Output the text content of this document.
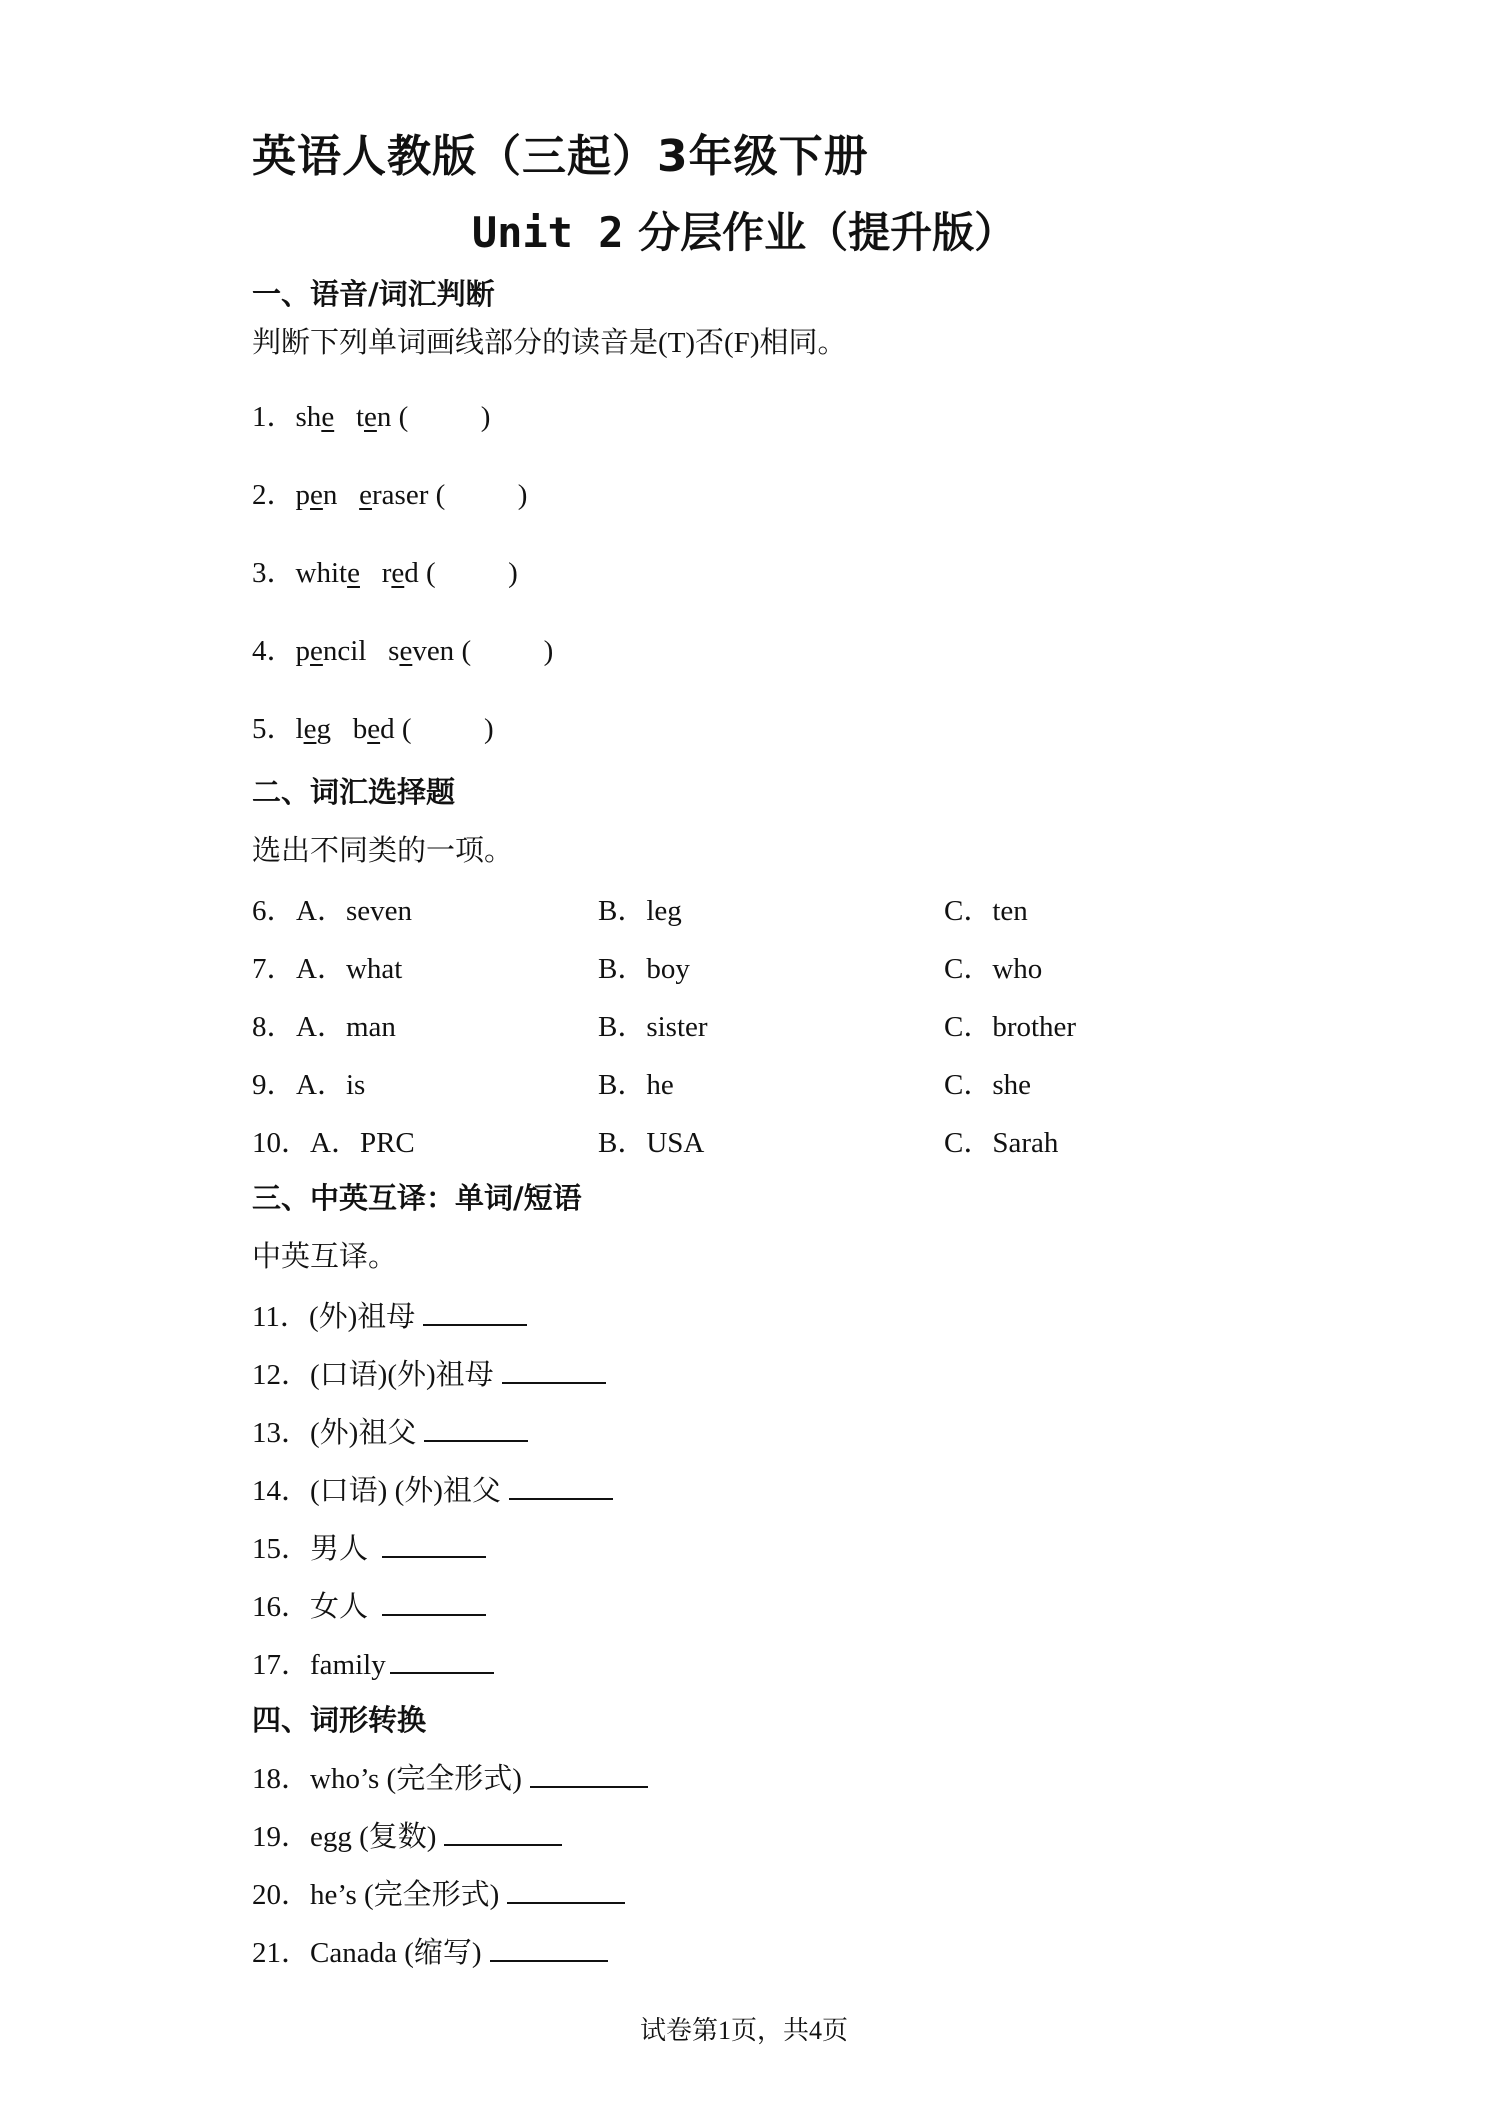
英语人教版（三起）3年级下册
Unit 2 分层作业（提升版）
一、语音/词汇判断
判断下列单词画线部分的读音是(T)否(F)相同。
1．she ten (          )
2．pen eraser (          )
3．white red (          )
4．pencil seven (          )
5．leg bed (          )
二、词汇选择题
选出不同类的一项。
6． A．seven	B．leg	C．ten
7． A．what	B．boy	C．who
8． A．man	B．sister	C．brother
9． A．is	B．he	C．she
10． A．PRC	B．USA	C．Sarah
三、中英互译：单词/短语
中英互译。
11．(外)祖母
12．(口语)(外)祖母
13．(外)祖父
14．(口语) (外)祖父
15．男人
16．女人
17．family
四、词形转换
18．who’s (完全形式)
19．egg (复数)
20．he’s (完全形式)
21．Canada (缩写)
试卷第1页，共4页
